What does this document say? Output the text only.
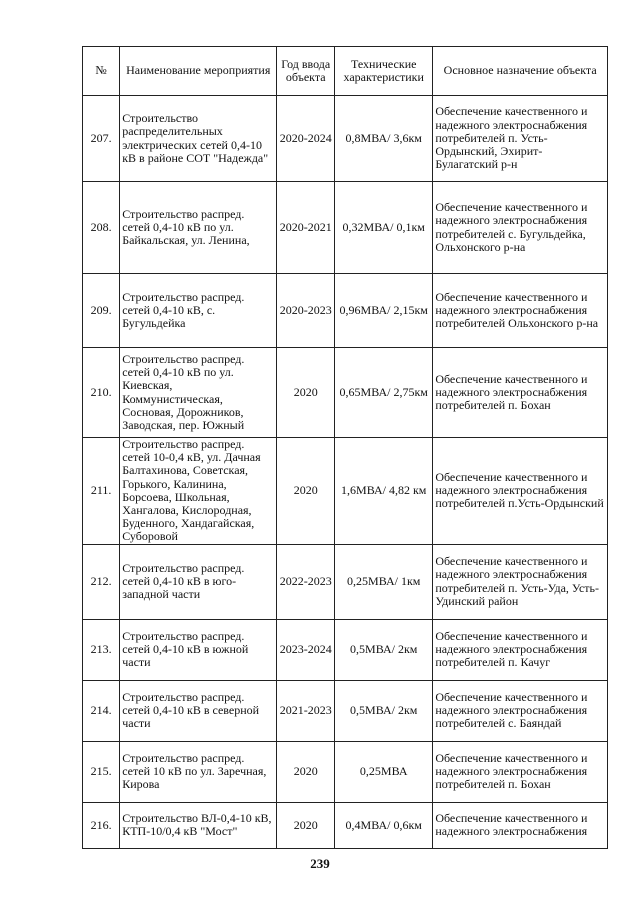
№	Наименование мероприятия	Год ввода объекта	Технические характеристики	Основное назначение объекта
207.	Строительство распределительных электрических сетей 0,4-10 кВ в районе СОТ "Надежда"	2020-2024	0,8МВА/ 3,6км	Обеспечение качественного и надежного электроснабжения потребителей п. Усть-Ордынский, Эхирит-Булагатский р-н
208.	Строительство распред. сетей 0,4-10 кВ по ул. Байкальская, ул. Ленина,	2020-2021	0,32МВА/ 0,1км	Обеспечение качественного и надежного электроснабжения потребителей с. Бугульдейка, Ольхонского р-на
209.	Строительство распред. сетей 0,4-10 кВ, с. Бугульдейка	2020-2023	0,96МВА/ 2,15км	Обеспечение качественного и надежного электроснабжения потребителей Ольхонского р-на
210.	Строительство распред. сетей 0,4-10 кВ по ул. Киевская, Коммунистическая, Сосновая, Дорожников, Заводская, пер. Южный	2020	0,65МВА/ 2,75км	Обеспечение качественного и надежного электроснабжения потребителей п. Бохан
211.	Строительство распред. сетей 10-0,4 кВ, ул. Дачная Балтахинова, Советская, Горького, Калинина, Борсоева, Школьная, Хангалова, Кислородная, Буденного, Хандагайская, Суборовой	2020	1,6МВА/ 4,82 км	Обеспечение качественного и надежного электроснабжения потребителей п.Усть-Ордынский
212.	Строительство распред. сетей 0,4-10 кВ в юго-западной части	2022-2023	0,25МВА/ 1км	Обеспечение качественного и надежного электроснабжения потребителей п. Усть-Уда, Усть-Удинский район
213.	Строительство распред. сетей 0,4-10 кВ в южной части	2023-2024	0,5МВА/ 2км	Обеспечение качественного и надежного электроснабжения потребителей п. Качуг
214.	Строительство распред. сетей 0,4-10 кВ в северной части	2021-2023	0,5МВА/ 2км	Обеспечение качественного и надежного электроснабжения потребителей с. Баяндай
215.	Строительство распред. сетей 10 кВ по ул. Заречная, Кирова	2020	0,25МВА	Обеспечение качественного и надежного электроснабжения потребителей п. Бохан
216.	Строительство ВЛ-0,4-10 кВ, КТП-10/0,4 кВ "Мост"	2020	0,4МВА/ 0,6км	Обеспечение качественного и надежного электроснабжения
239
